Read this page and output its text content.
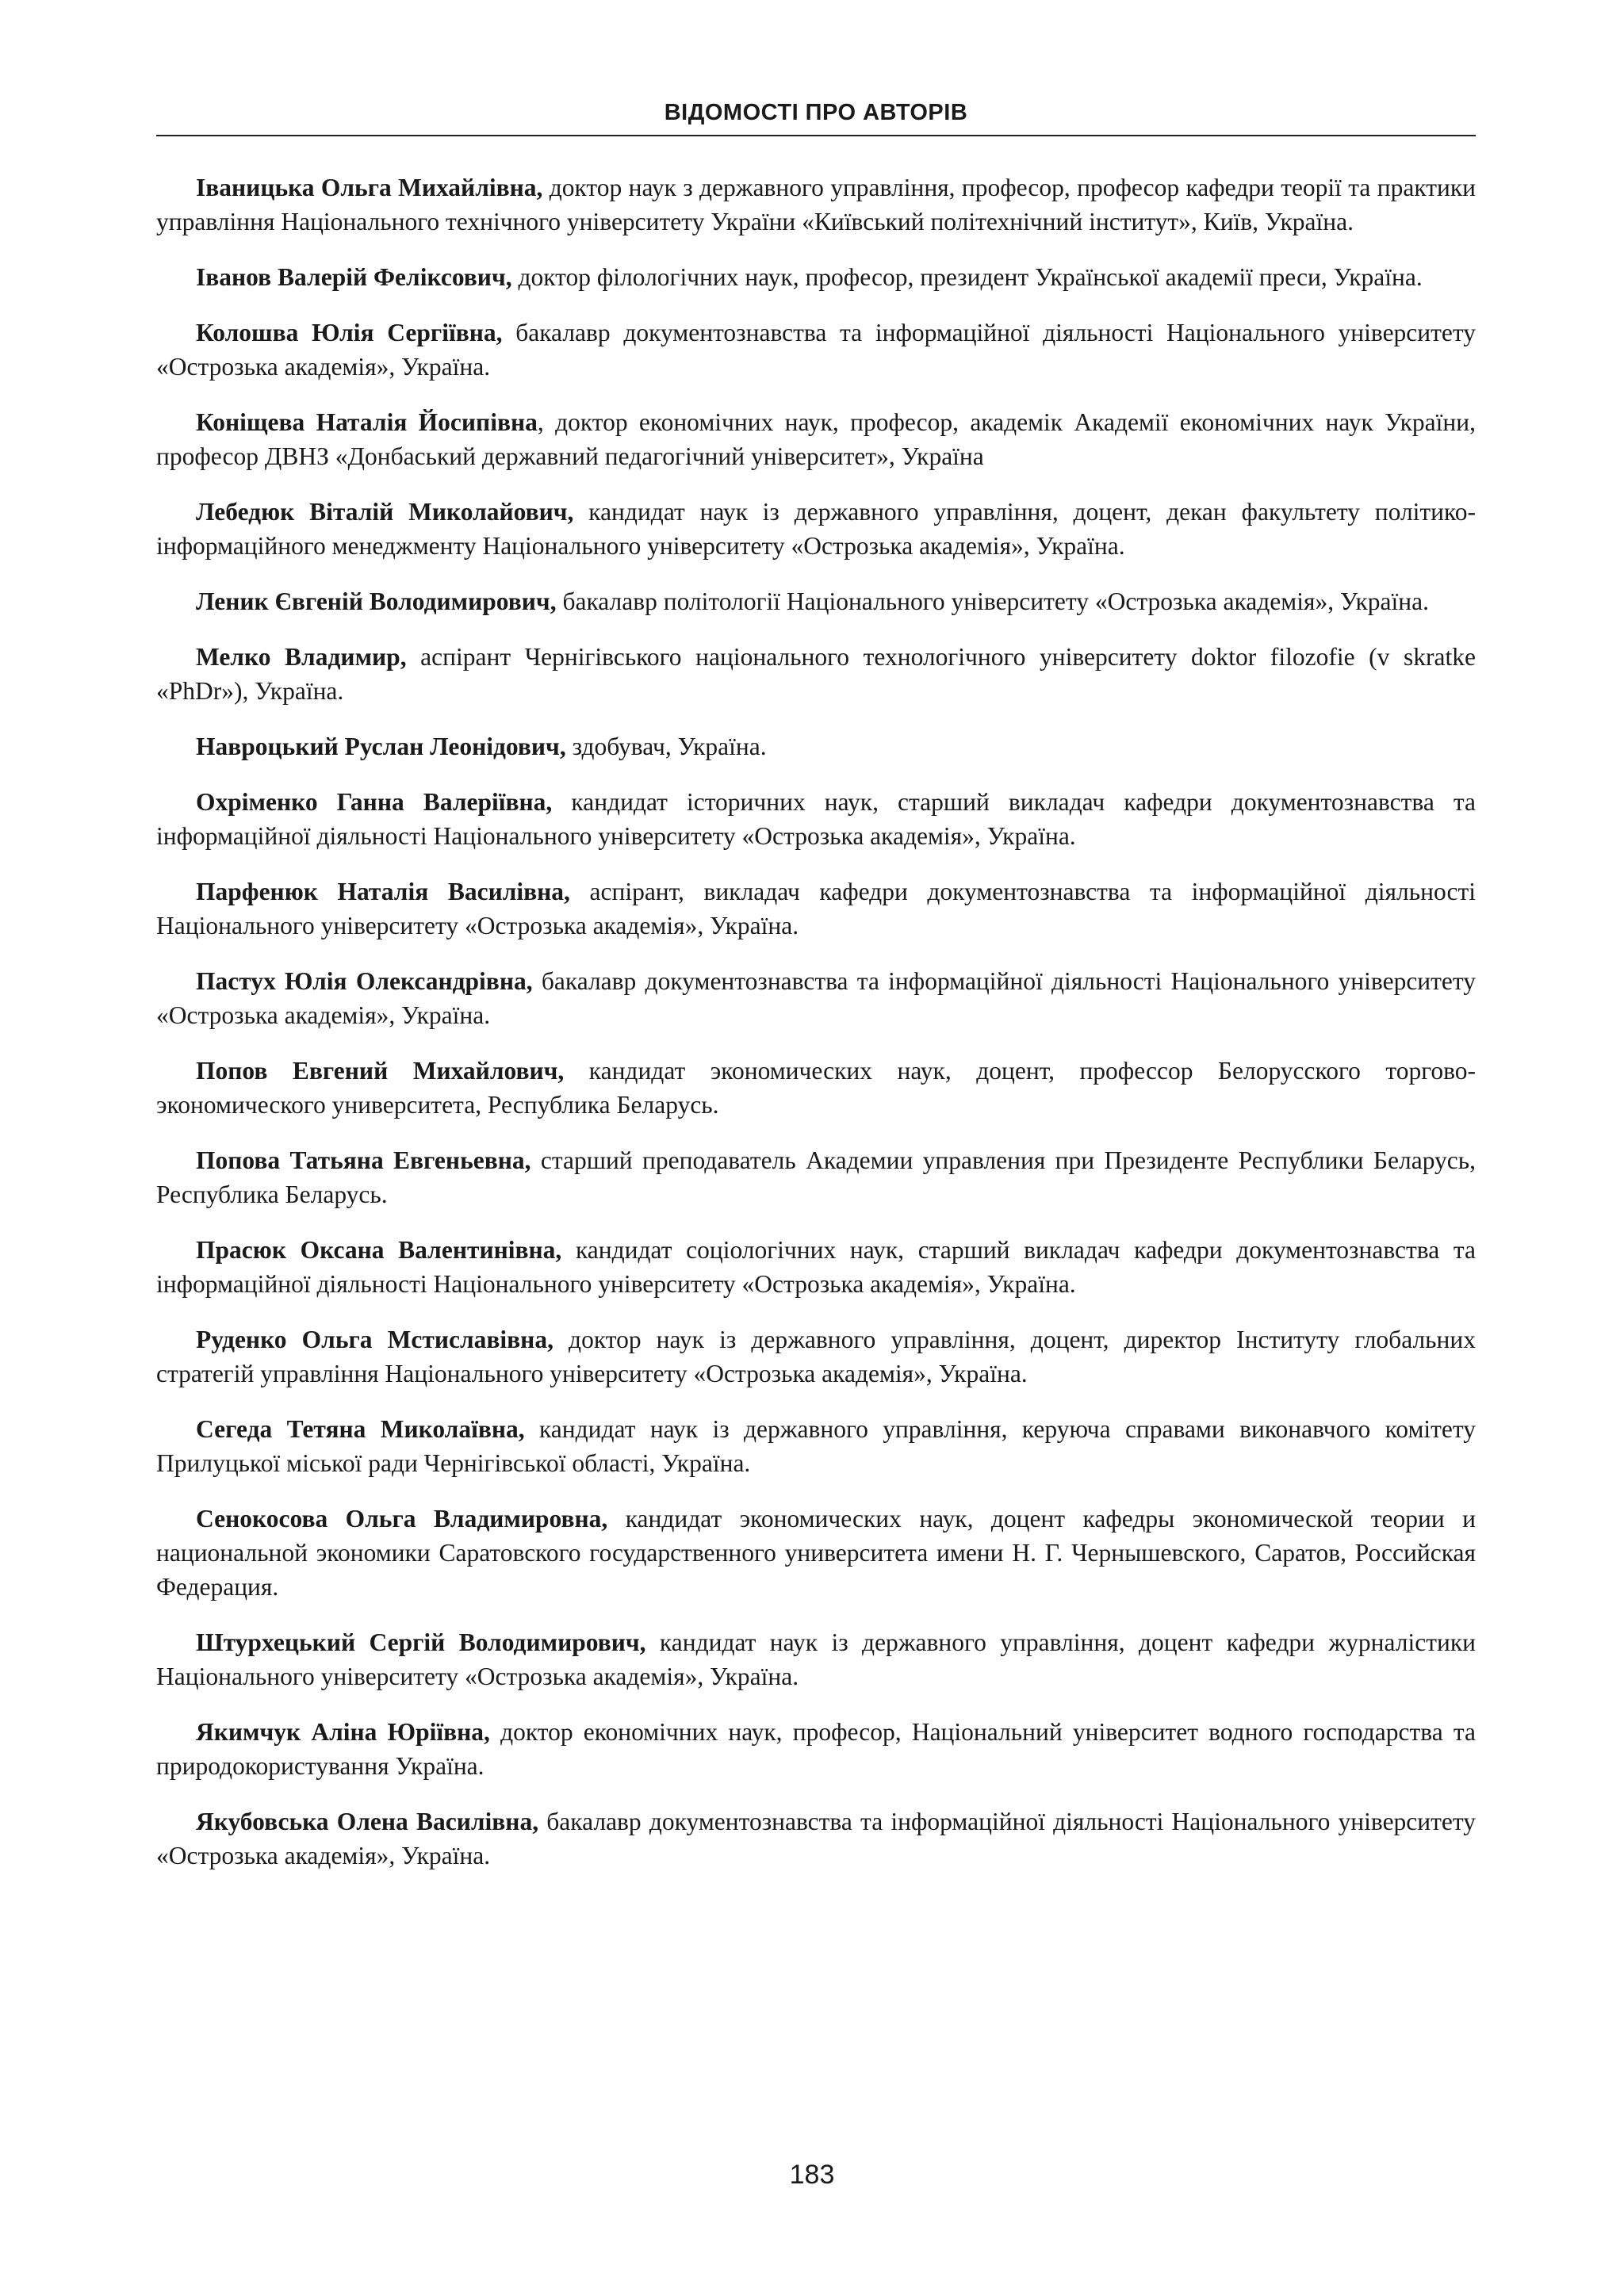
ВІДОМОСТІ ПРО АВТОРІВ

Іваницька Ольга Михайлівна, доктор наук з державного управління, професор, професор кафедри теорії та практики управління Національного технічного університету України «Київський політехнічний інститут», Київ, Україна.

Іванов Валерій Феліксович, доктор філологічних наук, професор, президент Української академії преси, Україна.

Колошва Юлія Сергіївна, бакалавр документознавства та інформаційної діяльності Національного університету «Острозька академія», Україна.

Коніщева Наталія Йосипівна, доктор економічних наук, професор, академік Академії економічних наук України, професор ДВНЗ «Донбаський державний педагогічний університет», Україна

Лебедюк Віталій Миколайович, кандидат наук із державного управління, доцент, декан факультету політико-інформаційного менеджменту Національного університету «Острозька академія», Україна.

Леник Євгеній Володимирович, бакалавр політології Національного університету «Острозька академія», Україна.

Мелко Владимир, аспірант Чернігівського національного технологічного університету doktor filozofie (v skratke «PhDr»), Україна.

Навроцький Руслан Леонідович, здобувач, Україна.

Охріменко Ганна Валеріївна, кандидат історичних наук, старший викладач кафедри документознавства та інформаційної діяльності Національного університету «Острозька академія», Україна.

Парфенюк Наталія Василівна, аспірант, викладач кафедри документознавства та інформаційної діяльності Національного університету «Острозька академія», Україна.

Пастух Юлія Олександрівна, бакалавр документознавства та інформаційної діяльності Національного університету «Острозька академія», Україна.

Попов Евгений Михайлович, кандидат экономических наук, доцент, профессор Белорусского торгово-экономического университета, Республика Беларусь.

Попова Татьяна Евгеньевна, старший преподаватель Академии управления при Президенте Республики Беларусь, Республика Беларусь.

Прасюк Оксана Валентинівна, кандидат соціологічних наук, старший викладач кафедри документознавства та інформаційної діяльності Національного університету «Острозька академія», Україна.

Руденко Ольга Мстиславівна, доктор наук із державного управління, доцент, директор Інституту глобальних стратегій управління Національного університету «Острозька академія», Україна.

Сегеда Тетяна Миколаївна, кандидат наук із державного управління, керуюча справами виконавчого комітету Прилуцької міської ради Чернігівської області, Україна.

Сенокосова Ольга Владимировна, кандидат экономических наук, доцент кафедры экономической теории и национальной экономики Саратовского государственного университета имени Н. Г. Чернышевского, Саратов, Российская Федерация.

Штурхецький Сергій Володимирович, кандидат наук із державного управління, доцент кафедри журналістики Національного університету «Острозька академія», Україна.

Якимчук Аліна Юріївна, доктор економічних наук, професор, Національний університет водного господарства та природокористування Україна.

Якубовська Олена Василівна, бакалавр документознавства та інформаційної діяльності Національного університету «Острозька академія», Україна.

183
